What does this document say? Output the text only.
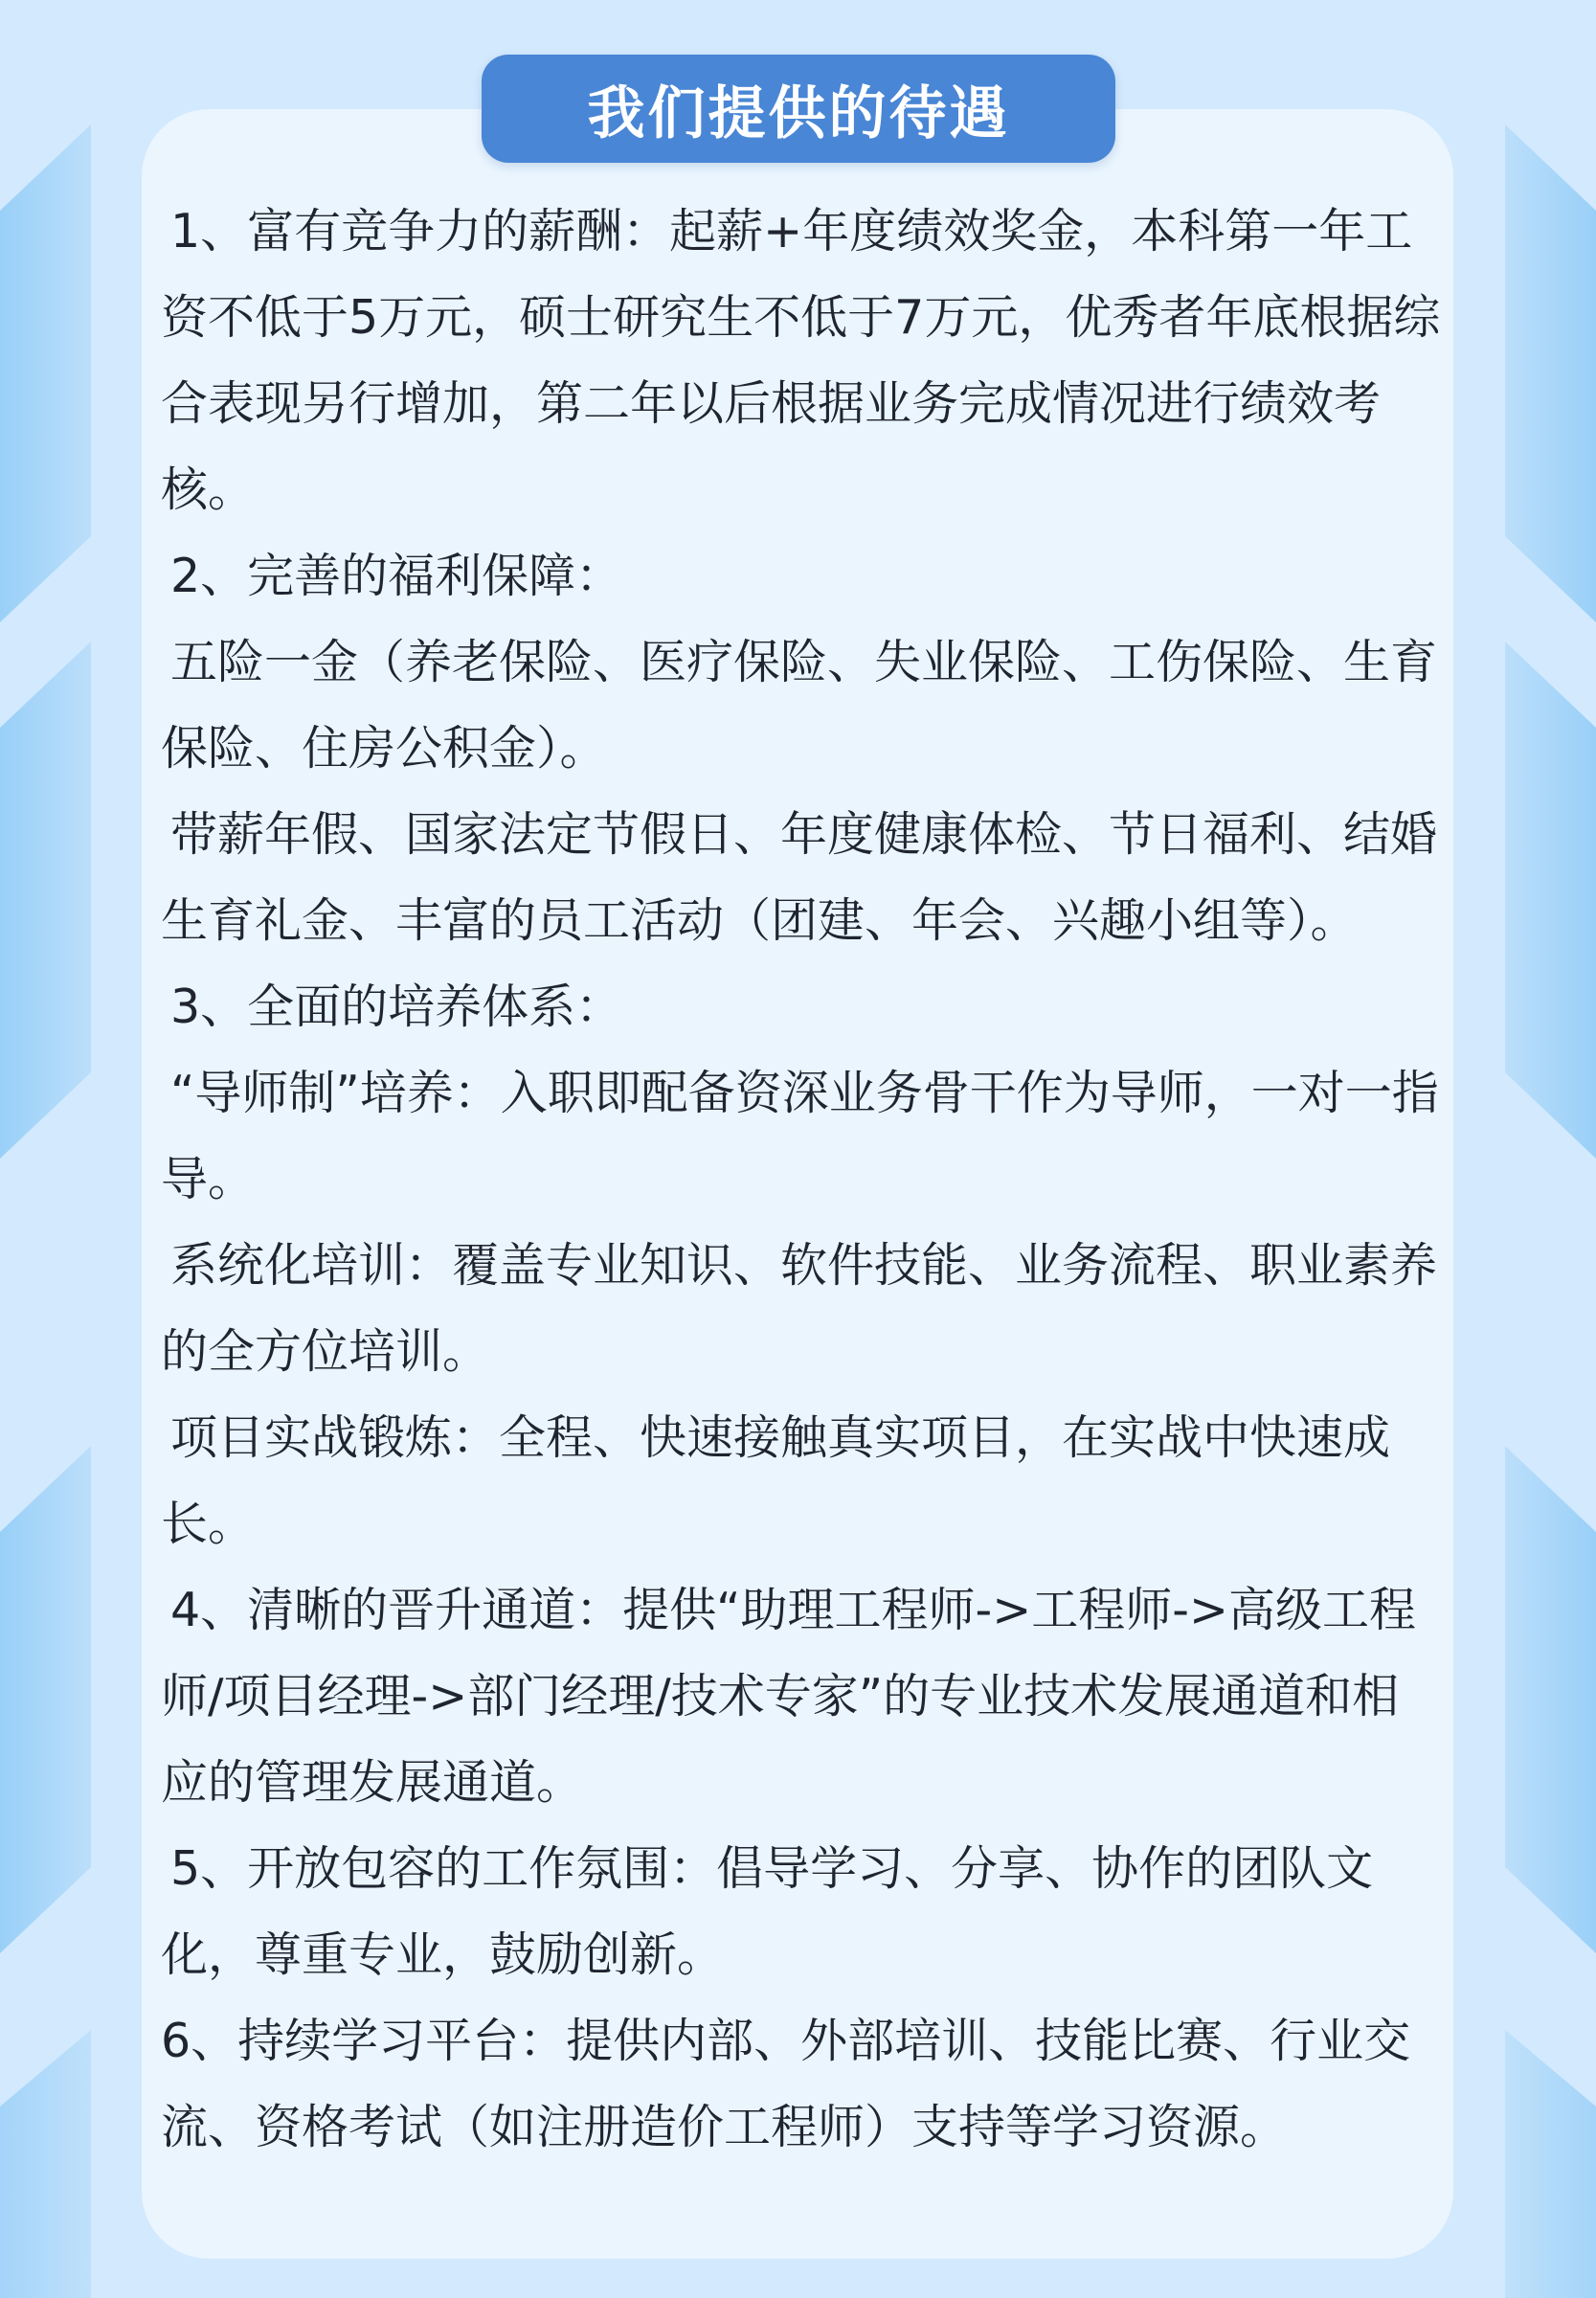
我们提供的待遇

1、富有竞争力的薪酬：起薪+年度绩效奖金，本科第一年工资不低于5万元，硕士研究生不低于7万元，优秀者年底根据综合表现另行增加，第二年以后根据业务完成情况进行绩效考核。

2、完善的福利保障：

五险一金（养老保险、医疗保险、失业保险、工伤保险、生育保险、住房公积金）。

带薪年假、国家法定节假日、年度健康体检、节日福利、结婚生育礼金、丰富的员工活动（团建、年会、兴趣小组等）。

3、全面的培养体系：

“导师制”培养：入职即配备资深业务骨干作为导师，一对一指导。

系统化培训：覆盖专业知识、软件技能、业务流程、职业素养的全方位培训。

项目实战锻炼：全程、快速接触真实项目，在实战中快速成长。

4、清晰的晋升通道：提供“助理工程师->工程师->高级工程师/项目经理->部门经理/技术专家”的专业技术发展通道和相应的管理发展通道。

5、开放包容的工作氛围：倡导学习、分享、协作的团队文化，尊重专业，鼓励创新。

6、持续学习平台：提供内部、外部培训、技能比赛、行业交流、资格考试（如注册造价工程师）支持等学习资源。
